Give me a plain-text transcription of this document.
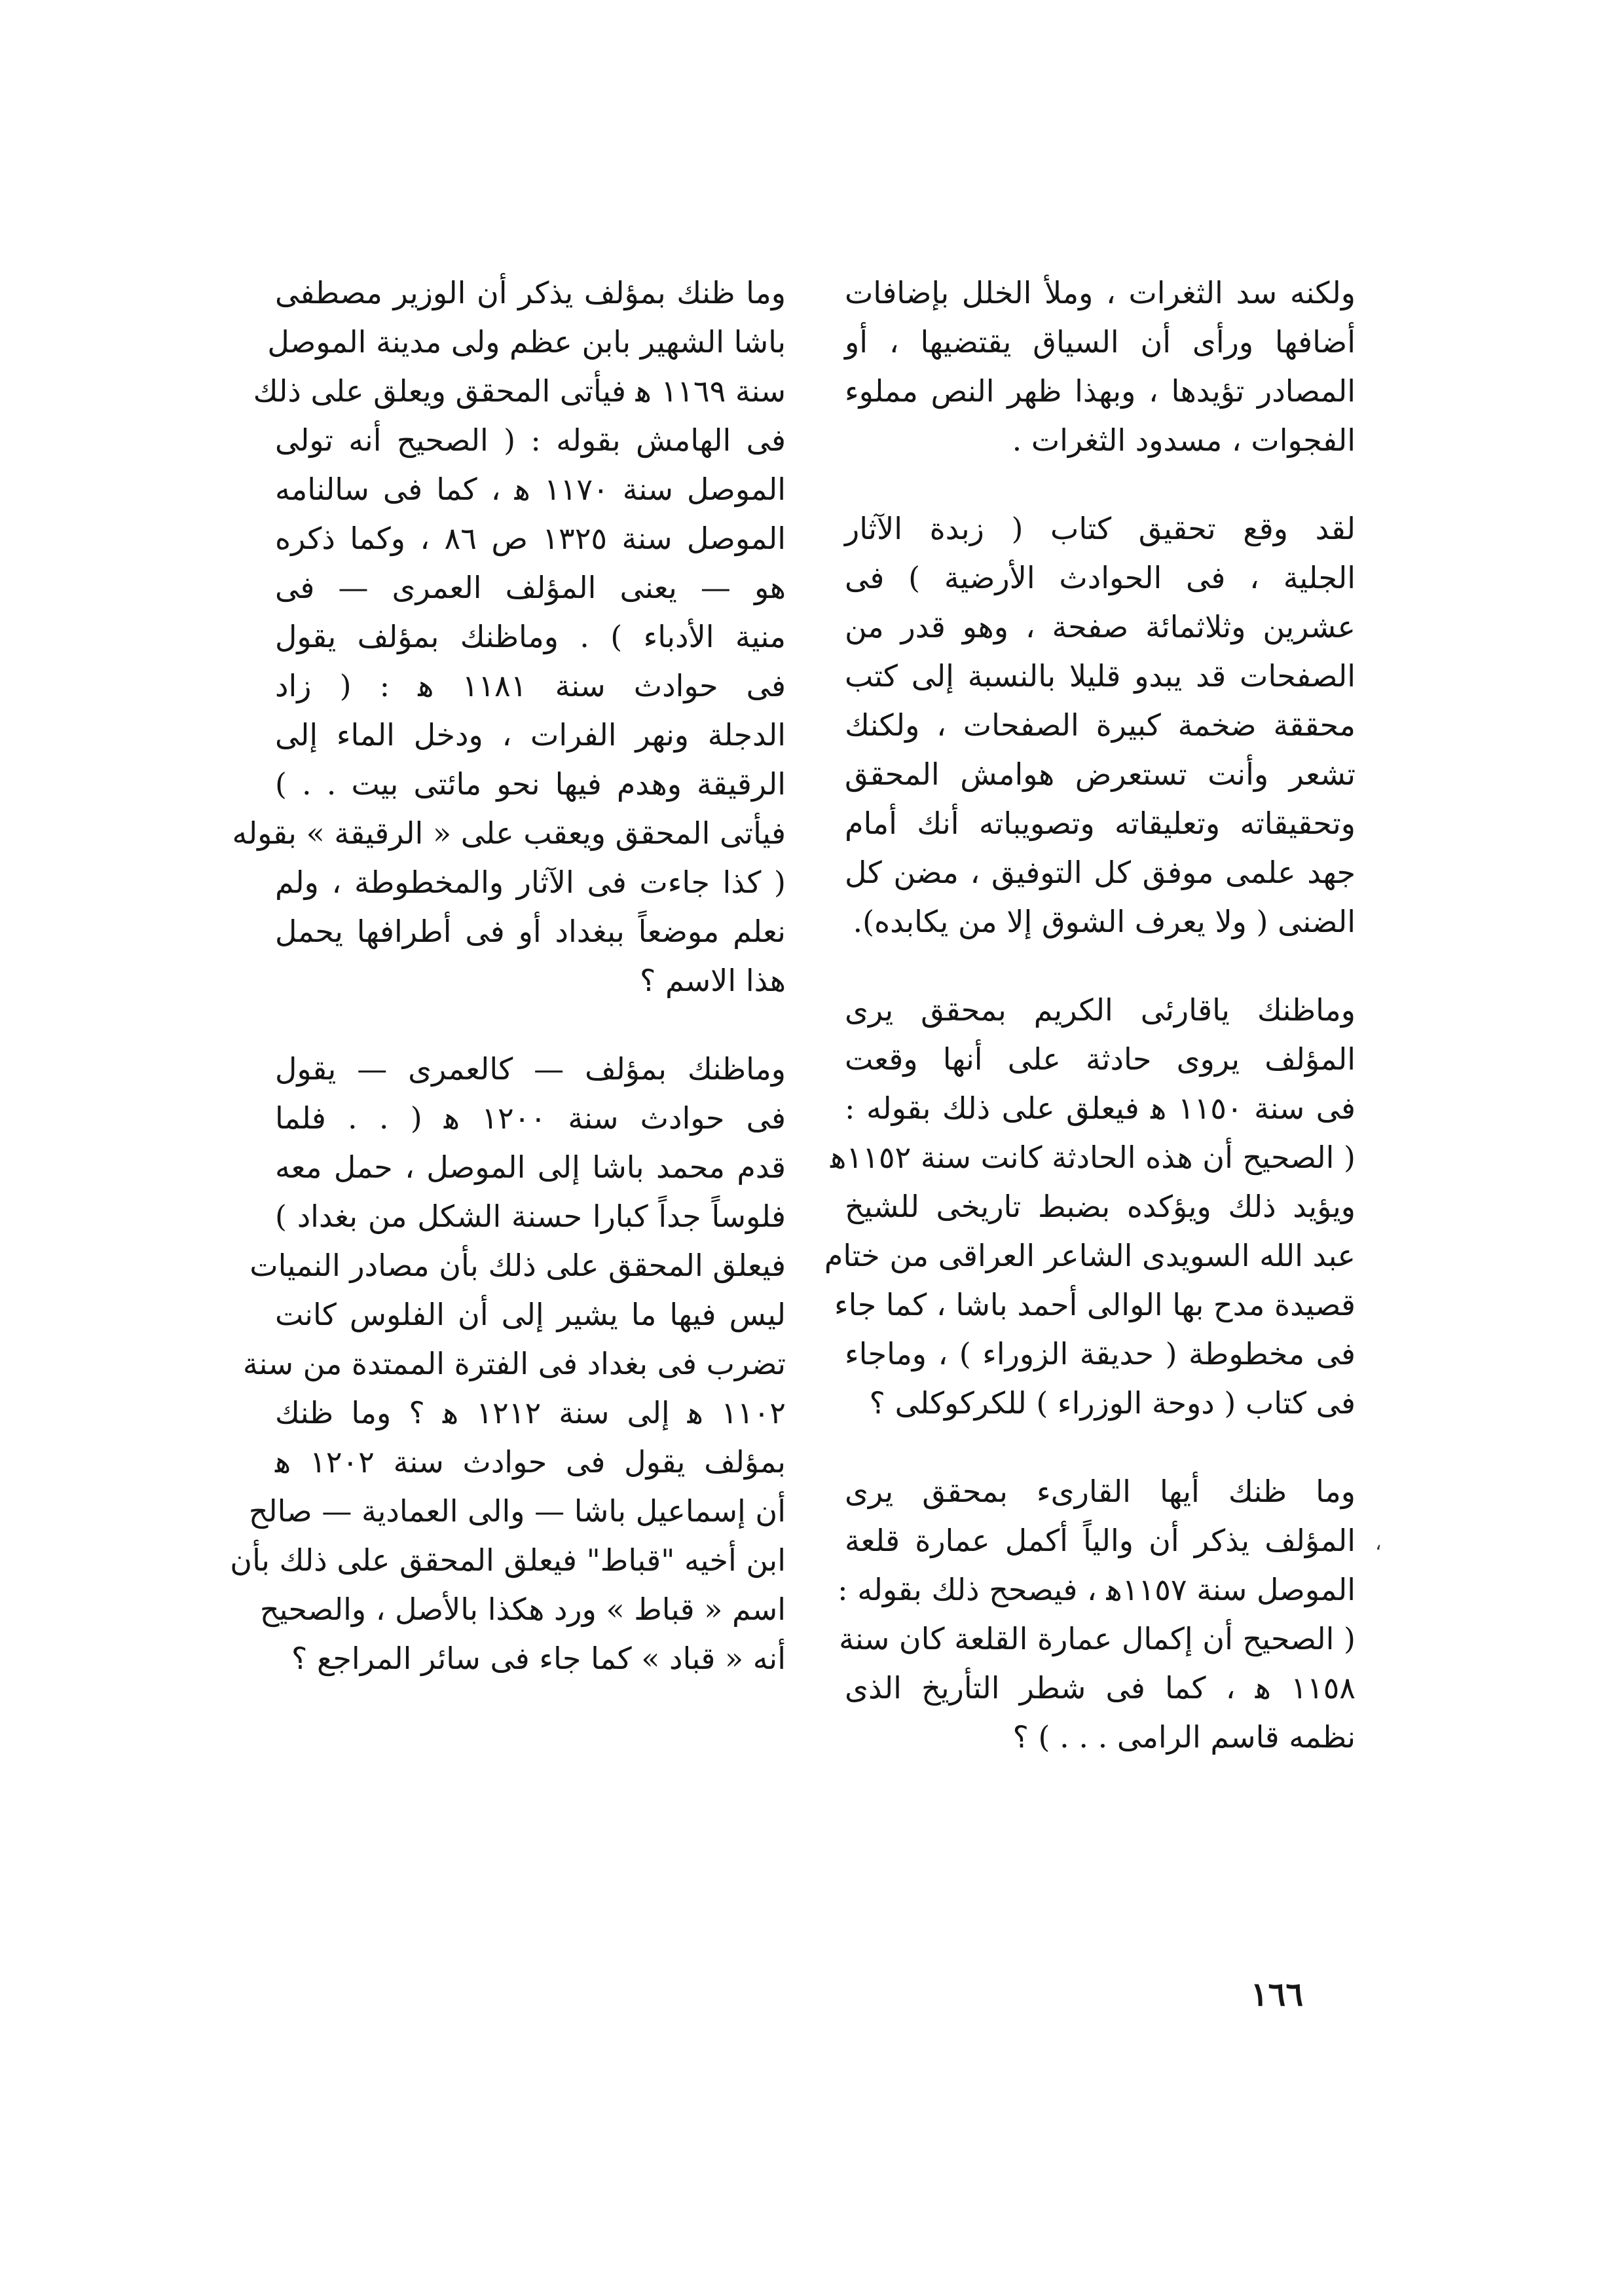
ولكنه سد الثغرات ، وملأ الخلل بإضافات
أضافها ورأى أن السياق يقتضيها ، أو
المصادر تؤيدها ، وبهذا ظهر النص مملوء
الفجوات ، مسدود الثغرات .
لقد وقع تحقيق كتاب ( زبدة الآثار
الجلية ، فى الحوادث الأرضية ) فى
عشرين وثلاثمائة صفحة ، وهو قدر من
الصفحات قد يبدو قليلا بالنسبة إلى كتب
محققة ضخمة كبيرة الصفحات ، ولكنك
تشعر وأنت تستعرض هوامش المحقق
وتحقيقاته وتعليقاته وتصويباته أنك أمام
جهد علمى موفق كل التوفيق ، مضن كل
الضنى ( ولا يعرف الشوق إلا من يكابده).
وماظنك ياقارئى الكريم بمحقق يرى
المؤلف يروى حادثة على أنها وقعت
فى سنة ١١٥٠ ﻫ فيعلق على ذلك بقوله :
( الصحيح أن هذه الحادثة كانت سنة ١١٥٢ﻫ
ويؤيد ذلك ويؤكده بضبط تاريخى للشيخ
عبد الله السويدى الشاعر العراقى من ختام
قصيدة مدح بها الوالى أحمد باشا ، كما جاء
فى مخطوطة ( حديقة الزوراء ) ، وماجاء
فى كتاب ( دوحة الوزراء ) للكركوكلى ؟
وما ظنك أيها القارىء بمحقق يرى
المؤلف يذكر أن والياً أكمل عمارة قلعة
الموصل سنة ١١٥٧ﻫ ، فيصحح ذلك بقوله :
( الصحيح أن إكمال عمارة القلعة كان سنة
١١٥٨ ﻫ ، كما فى شطر التأريخ الذى
نظمه قاسم الرامى . . . ) ؟
وما ظنك بمؤلف يذكر أن الوزير مصطفى
باشا الشهير بابن عظم ولى مدينة الموصل
سنة ١١٦٩ ﻫ فيأتى المحقق ويعلق على ذلك
فى الهامش بقوله : ( الصحيح أنه تولى
الموصل سنة ١١٧٠ ﻫ ، كما فى سالنامه
الموصل سنة ١٣٢٥ ص ٨٦ ، وكما ذكره
هو — يعنى المؤلف العمرى — فى
منية الأدباء ) . وماظنك بمؤلف يقول
فى حوادث سنة ١١٨١ ﻫ : ( زاد
الدجلة ونهر الفرات ، ودخل الماء إلى
الرقيقة وهدم فيها نحو مائتى بيت . . )
فيأتى المحقق ويعقب على « الرقيقة » بقوله
( كذا جاءت فى الآثار والمخطوطة ، ولم
نعلم موضعاً ببغداد أو فى أطرافها يحمل
هذا الاسم ؟
وماظنك بمؤلف — كالعمرى — يقول
فى حوادث سنة ١٢٠٠ ﻫ ( . . فلما
قدم محمد باشا إلى الموصل ، حمل معه
فلوساً جداً كبارا حسنة الشكل من بغداد )
فيعلق المحقق على ذلك بأن مصادر النميات
ليس فيها ما يشير إلى أن الفلوس كانت
تضرب فى بغداد فى الفترة الممتدة من سنة
١١٠٢ ﻫ إلى سنة ١٢١٢ ﻫ ؟ وما ظنك
بمؤلف يقول فى حوادث سنة ١٢٠٢ ﻫ
أن إسماعيل باشا — والى العمادية — صالح
ابن أخيه "قباط" فيعلق المحقق على ذلك بأن
اسم « قباط » ورد هكذا بالأصل ، والصحيح
أنه « قباد » كما جاء فى سائر المراجع ؟
،
١٦٦
